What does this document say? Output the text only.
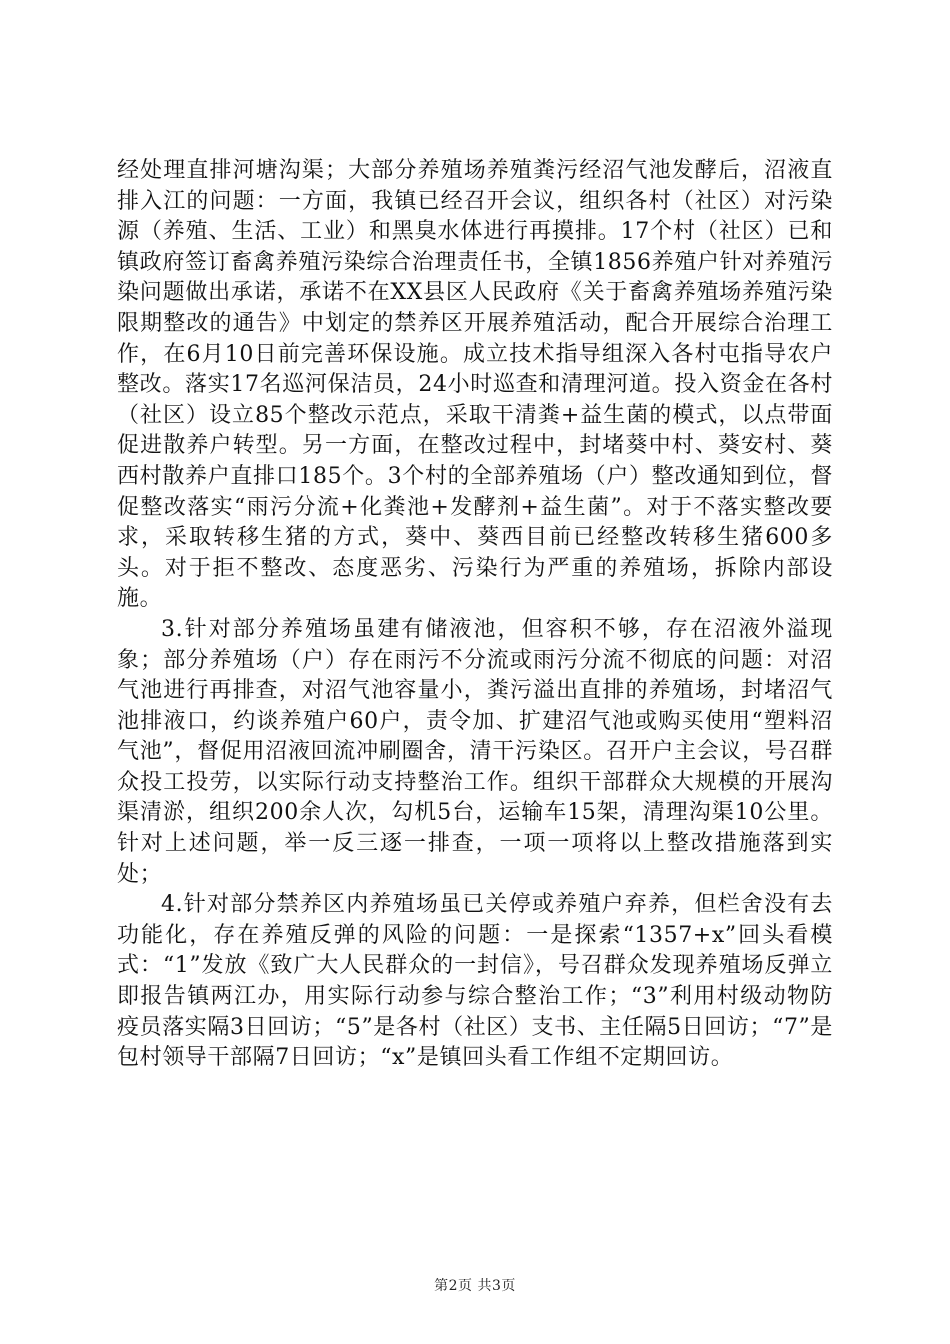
经处理直排河塘沟渠；大部分养殖场养殖粪污经沼气池发酵后，沼液直排入江的问题：一方面，我镇已经召开会议，组织各村（社区）对污染源（养殖、生活、工业）和黑臭水体进行再摸排。17个村（社区）已和镇政府签订畜禽养殖污染综合治理责任书，全镇1856养殖户针对养殖污染问题做出承诺，承诺不在XX县区人民政府《关于畜禽养殖场养殖污染限期整改的通告》中划定的禁养区开展养殖活动，配合开展综合治理工作，在6月10日前完善环保设施。成立技术指导组深入各村屯指导农户整改。落实17名巡河保洁员，24小时巡查和清理河道。投入资金在各村（社区）设立85个整改示范点，采取干清粪+益生菌的模式，以点带面促进散养户转型。另一方面，在整改过程中，封堵葵中村、葵安村、葵西村散养户直排口185个。3个村的全部养殖场（户）整改通知到位，督促整改落实“雨污分流+化粪池+发酵剂+益生菌”。对于不落实整改要求，采取转移生猪的方式，葵中、葵西目前已经整改转移生猪600多头。对于拒不整改、态度恶劣、污染行为严重的养殖场，拆除内部设施。

3.针对部分养殖场虽建有储液池，但容积不够，存在沼液外溢现象；部分养殖场（户）存在雨污不分流或雨污分流不彻底的问题：对沼气池进行再排查，对沼气池容量小，粪污溢出直排的养殖场，封堵沼气池排液口，约谈养殖户60户，责令加、扩建沼气池或购买使用“塑料沼气池”，督促用沼液回流冲刷圈舍，清干污染区。召开户主会议，号召群众投工投劳，以实际行动支持整治工作。组织干部群众大规模的开展沟渠清淤，组织200余人次，勾机5台，运输车15架，清理沟渠10公里。针对上述问题，举一反三逐一排查，一项一项将以上整改措施落到实处；

4.针对部分禁养区内养殖场虽已关停或养殖户弃养，但栏舍没有去功能化，存在养殖反弹的风险的问题：一是探索“1357+x”回头看模式：“1”发放《致广大人民群众的一封信》，号召群众发现养殖场反弹立即报告镇两江办，用实际行动参与综合整治工作；“3”利用村级动物防疫员落实隔3日回访；“5”是各村（社区）支书、主任隔5日回访；“7”是包村领导干部隔7日回访；“x”是镇回头看工作组不定期回访。

第2页 共3页
